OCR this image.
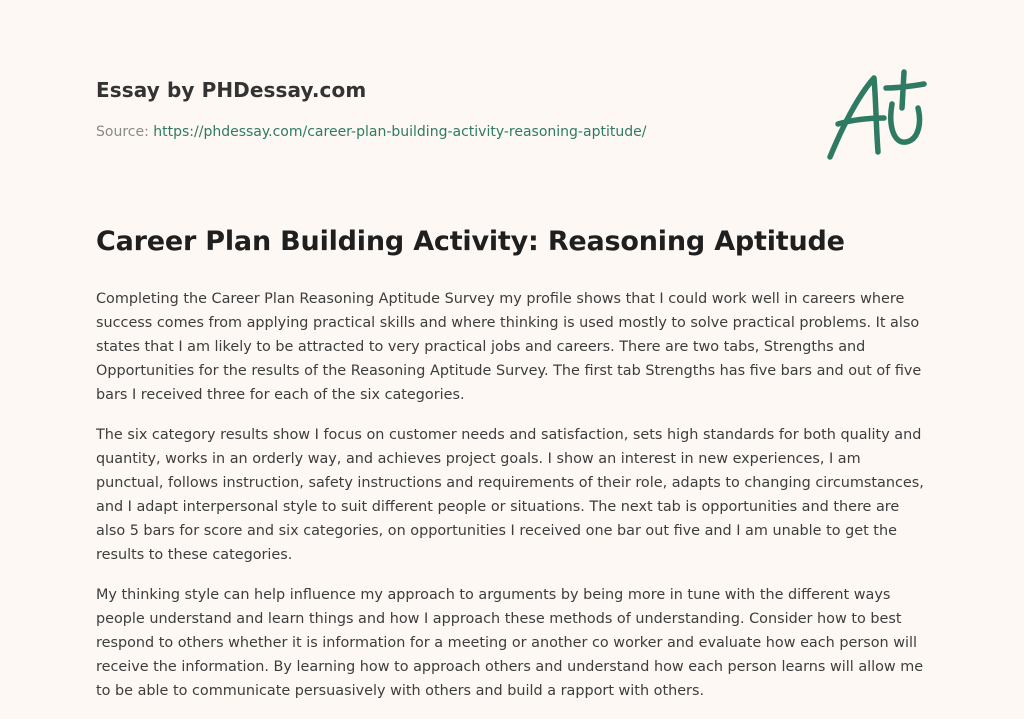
Essay by PHDessay.com
Source: https://phdessay.com/career-plan-building-activity-reasoning-aptitude/
Career Plan Building Activity: Reasoning Aptitude

Completing the Career Plan Reasoning Aptitude Survey my profile shows that I could work well in careers where success comes from applying practical skills and where thinking is used mostly to solve practical problems. It also states that I am likely to be attracted to very practical jobs and careers. There are two tabs, Strengths and Opportunities for the results of the Reasoning Aptitude Survey. The first tab Strengths has five bars and out of five bars I received three for each of the six categories.

The six category results show I focus on customer needs and satisfaction, sets high standards for both quality and quantity, works in an orderly way, and achieves project goals. I show an interest in new experiences, I am punctual, follows instruction, safety instructions and requirements of their role, adapts to changing circumstances, and I adapt interpersonal style to suit different people or situations. The next tab is opportunities and there are also 5 bars for score and six categories, on opportunities I received one bar out five and I am unable to get the results to these categories.

My thinking style can help influence my approach to arguments by being more in tune with the different ways people understand and learn things and how I approach these methods of understanding. Consider how to best respond to others whether it is information for a meeting or another co worker and evaluate how each person will receive the information. By learning how to approach others and understand how each person learns will allow me to be able to communicate persuasively with others and build a rapport with others.
